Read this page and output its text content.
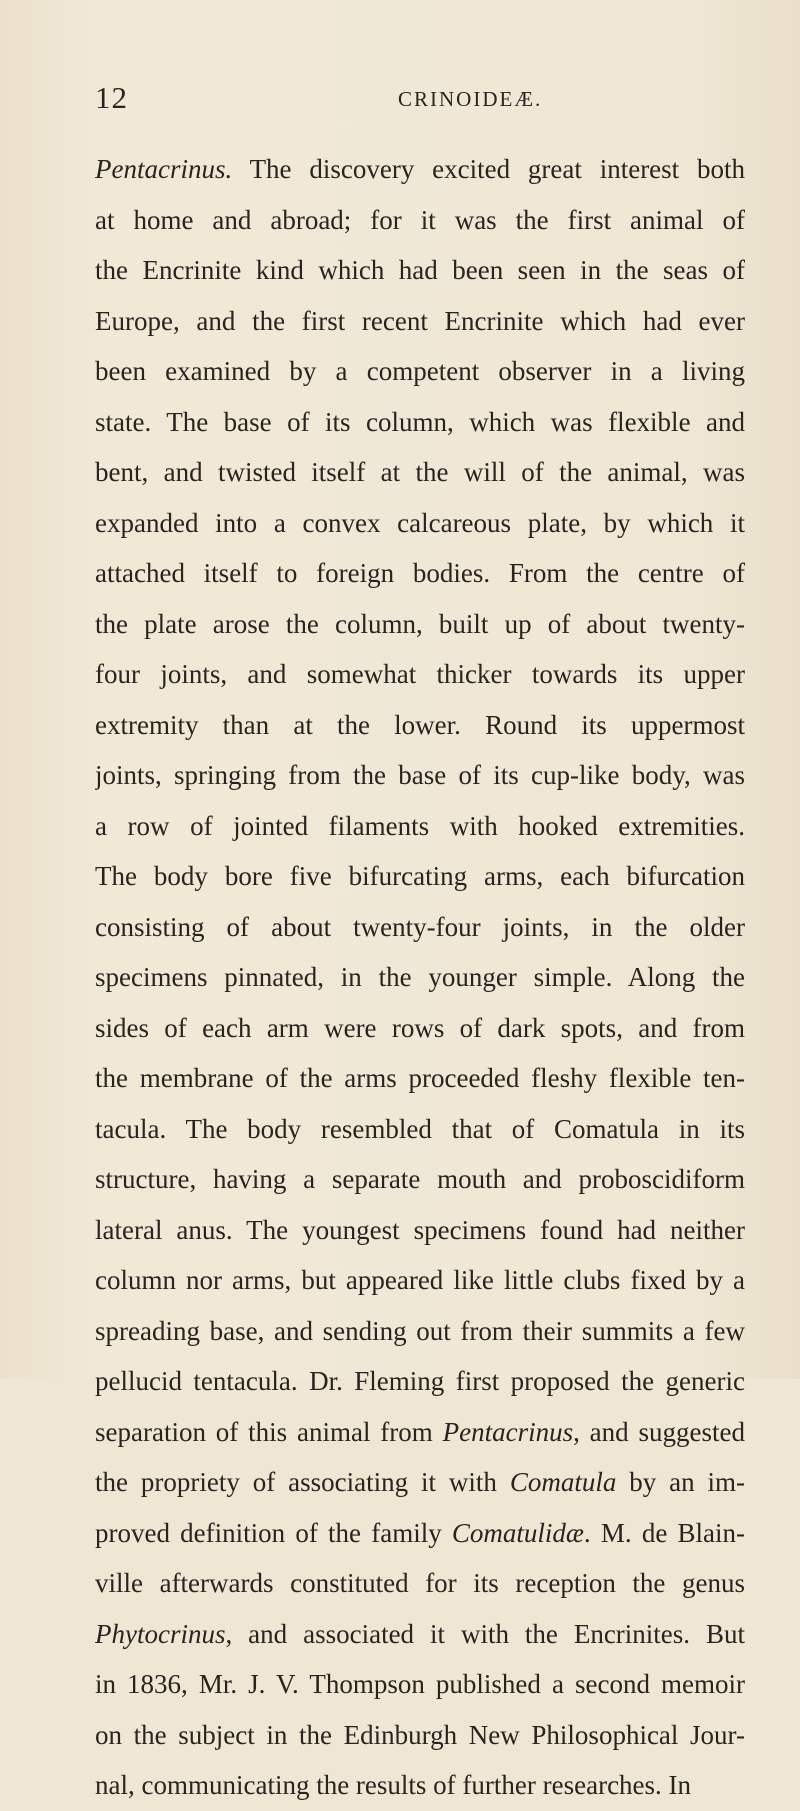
12	CRINOIDEÆ.
Pentacrinus. The discovery excited great interest both
at home and abroad; for it was the first animal of
the Encrinite kind which had been seen in the seas of
Europe, and the first recent Encrinite which had ever
been examined by a competent observer in a living
state. The base of its column, which was flexible and
bent, and twisted itself at the will of the animal, was
expanded into a convex calcareous plate, by which it
attached itself to foreign bodies. From the centre of
the plate arose the column, built up of about twenty-
four joints, and somewhat thicker towards its upper
extremity than at the lower. Round its uppermost
joints, springing from the base of its cup-like body, was
a row of jointed filaments with hooked extremities.
The body bore five bifurcating arms, each bifurcation
consisting of about twenty-four joints, in the older
specimens pinnated, in the younger simple. Along the
sides of each arm were rows of dark spots, and from
the membrane of the arms proceeded fleshy flexible ten-
tacula. The body resembled that of Comatula in its
structure, having a separate mouth and proboscidiform
lateral anus. The youngest specimens found had neither
column nor arms, but appeared like little clubs fixed by a
spreading base, and sending out from their summits a few
pellucid tentacula. Dr. Fleming first proposed the generic
separation of this animal from Pentacrinus, and suggested
the propriety of associating it with Comatula by an im-
proved definition of the family Comatulidæ. M. de Blain-
ville afterwards constituted for its reception the genus
Phytocrinus, and associated it with the Encrinites. But
in 1836, Mr. J. V. Thompson published a second memoir
on the subject in the Edinburgh New Philosophical Jour-
nal, communicating the results of further researches. In
